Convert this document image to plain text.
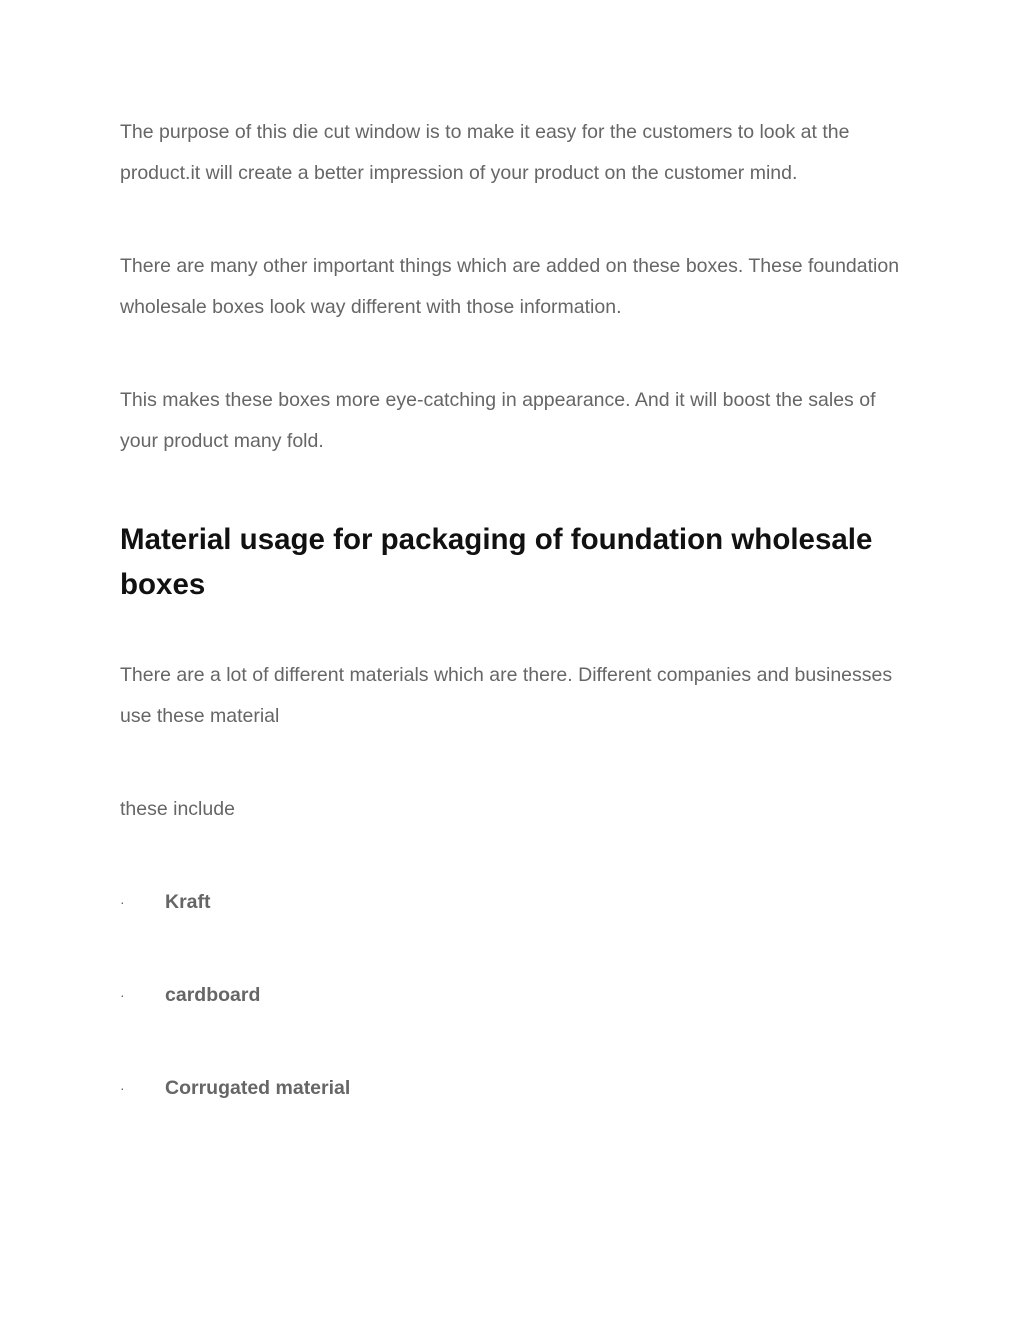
The purpose of this die cut window is to make it easy for the customers to look at the product.it will create a better impression of your product on the customer mind.

There are many other important things which are added on these boxes. These foundation wholesale boxes look way different with those information.

This makes these boxes more eye-catching in appearance. And it will boost the sales of your product many fold.

Material usage for packaging of foundation wholesale boxes

There are a lot of different materials which are there. Different companies and businesses use these material

these include

· Kraft
· cardboard
· Corrugated material
